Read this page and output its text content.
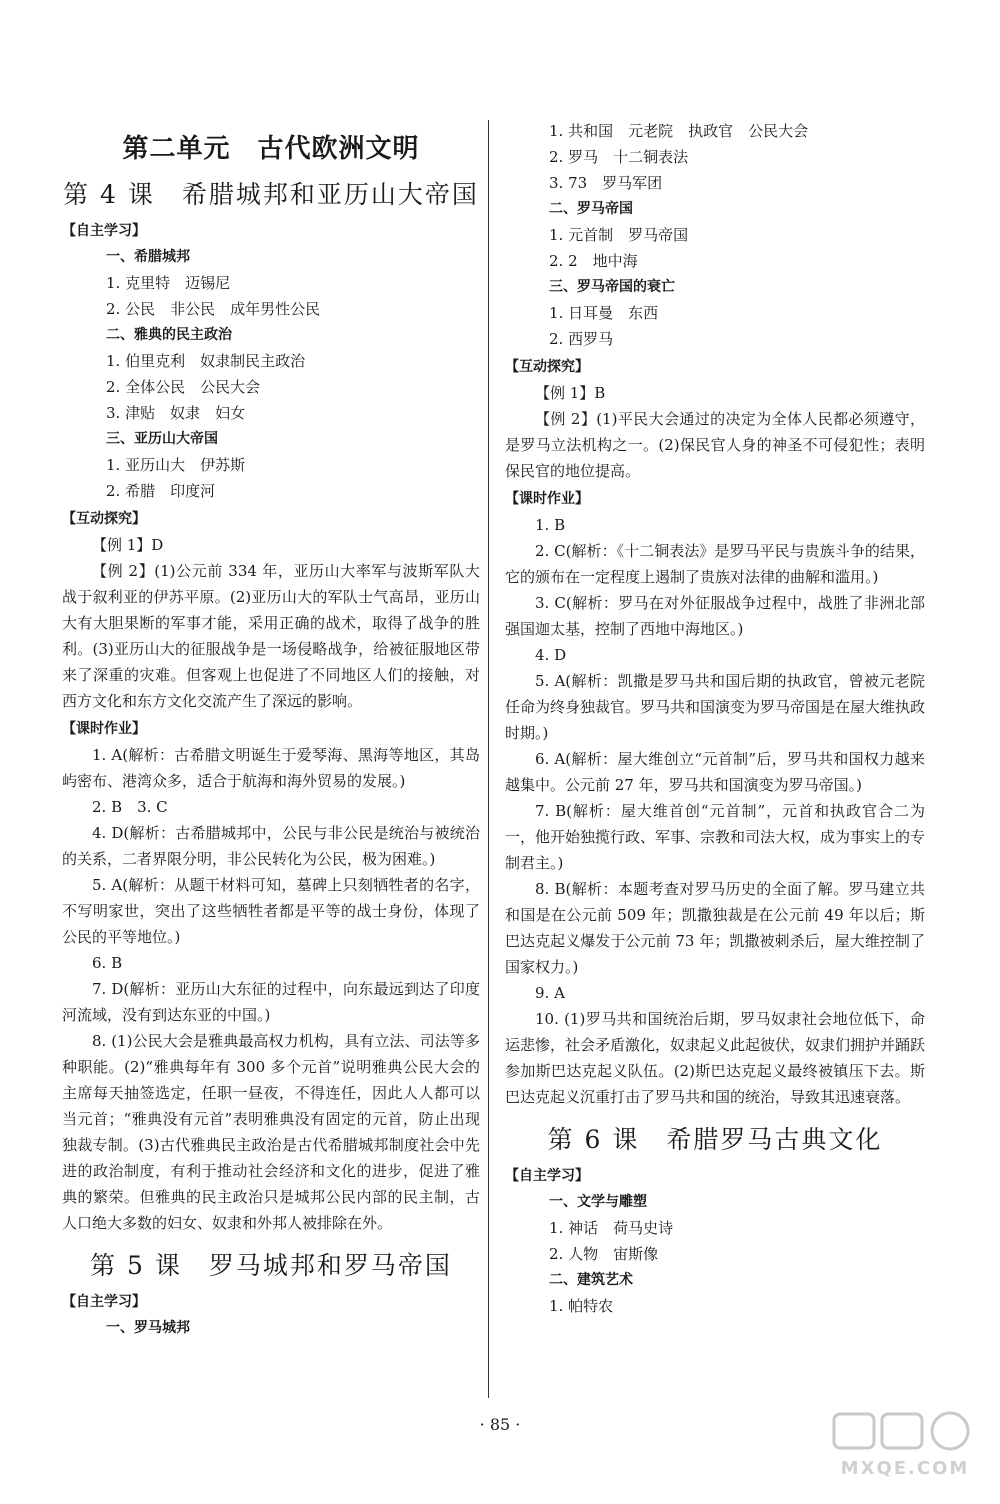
第二单元　古代欧洲文明
第 4 课　希腊城邦和亚历山大帝国
【自主学习】
一、希腊城邦
1. 克里特　迈锡尼
2. 公民　非公民　成年男性公民
二、雅典的民主政治
1. 伯里克利　奴隶制民主政治
2. 全体公民　公民大会
3. 津贴　奴隶　妇女
三、亚历山大帝国
1. 亚历山大　伊苏斯
2. 希腊　印度河
【互动探究】
【例 1】D
【例 2】(1)公元前 334 年，亚历山大率军与波斯军队大战于叙利亚的伊苏平原。(2)亚历山大的军队士气高昂，亚历山大有大胆果断的军事才能，采用正确的战术，取得了战争的胜利。(3)亚历山大的征服战争是一场侵略战争，给被征服地区带来了深重的灾难。但客观上也促进了不同地区人们的接触，对西方文化和东方文化交流产生了深远的影响。
【课时作业】
1. A(解析：古希腊文明诞生于爱琴海、黑海等地区，其岛屿密布、港湾众多，适合于航海和海外贸易的发展。)
2. B　3. C
4. D(解析：古希腊城邦中，公民与非公民是统治与被统治的关系，二者界限分明，非公民转化为公民，极为困难。)
5. A(解析：从题干材料可知，墓碑上只刻牺牲者的名字，不写明家世，突出了这些牺牲者都是平等的战士身份，体现了公民的平等地位。)
6. B
7. D(解析：亚历山大东征的过程中，向东最远到达了印度河流域，没有到达东亚的中国。)
8. (1)公民大会是雅典最高权力机构，具有立法、司法等多种职能。(2)“雅典每年有 300 多个元首”说明雅典公民大会的主席每天抽签选定，任职一昼夜，不得连任，因此人人都可以当元首；“雅典没有元首”表明雅典没有固定的元首，防止出现独裁专制。(3)古代雅典民主政治是古代希腊城邦制度社会中先进的政治制度，有利于推动社会经济和文化的进步，促进了雅典的繁荣。但雅典的民主政治只是城邦公民内部的民主制，古人口绝大多数的妇女、奴隶和外邦人被排除在外。
第 5 课　罗马城邦和罗马帝国
【自主学习】
一、罗马城邦
1. 共和国　元老院　执政官　公民大会
2. 罗马　十二铜表法
3. 73　罗马军团
二、罗马帝国
1. 元首制　罗马帝国
2. 2　地中海
三、罗马帝国的衰亡
1. 日耳曼　东西
2. 西罗马
【互动探究】
【例 1】B
【例 2】(1)平民大会通过的决定为全体人民都必须遵守，是罗马立法机构之一。(2)保民官人身的神圣不可侵犯性；表明保民官的地位提高。
【课时作业】
1. B
2. C(解析：《十二铜表法》是罗马平民与贵族斗争的结果，它的颁布在一定程度上遏制了贵族对法律的曲解和滥用。)
3. C(解析：罗马在对外征服战争过程中，战胜了非洲北部强国迦太基，控制了西地中海地区。)
4. D
5. A(解析：凯撒是罗马共和国后期的执政官，曾被元老院任命为终身独裁官。罗马共和国演变为罗马帝国是在屋大维执政时期。)
6. A(解析：屋大维创立“元首制”后，罗马共和国权力越来越集中。公元前 27 年，罗马共和国演变为罗马帝国。)
7. B(解析：屋大维首创“元首制”，元首和执政官合二为一，他开始独揽行政、军事、宗教和司法大权，成为事实上的专制君主。)
8. B(解析：本题考查对罗马历史的全面了解。罗马建立共和国是在公元前 509 年；凯撒独裁是在公元前 49 年以后；斯巴达克起义爆发于公元前 73 年；凯撒被刺杀后，屋大维控制了国家权力。)
9. A
10. (1)罗马共和国统治后期，罗马奴隶社会地位低下，命运悲惨，社会矛盾激化，奴隶起义此起彼伏，奴隶们拥护并踊跃参加斯巴达克起义队伍。(2)斯巴达克起义最终被镇压下去。斯巴达克起义沉重打击了罗马共和国的统治，导致其迅速衰落。
第 6 课　希腊罗马古典文化
【自主学习】
一、文学与雕塑
1. 神话　荷马史诗
2. 人物　宙斯像
二、建筑艺术
1. 帕特农
· 85 ·
MXQE.COM
